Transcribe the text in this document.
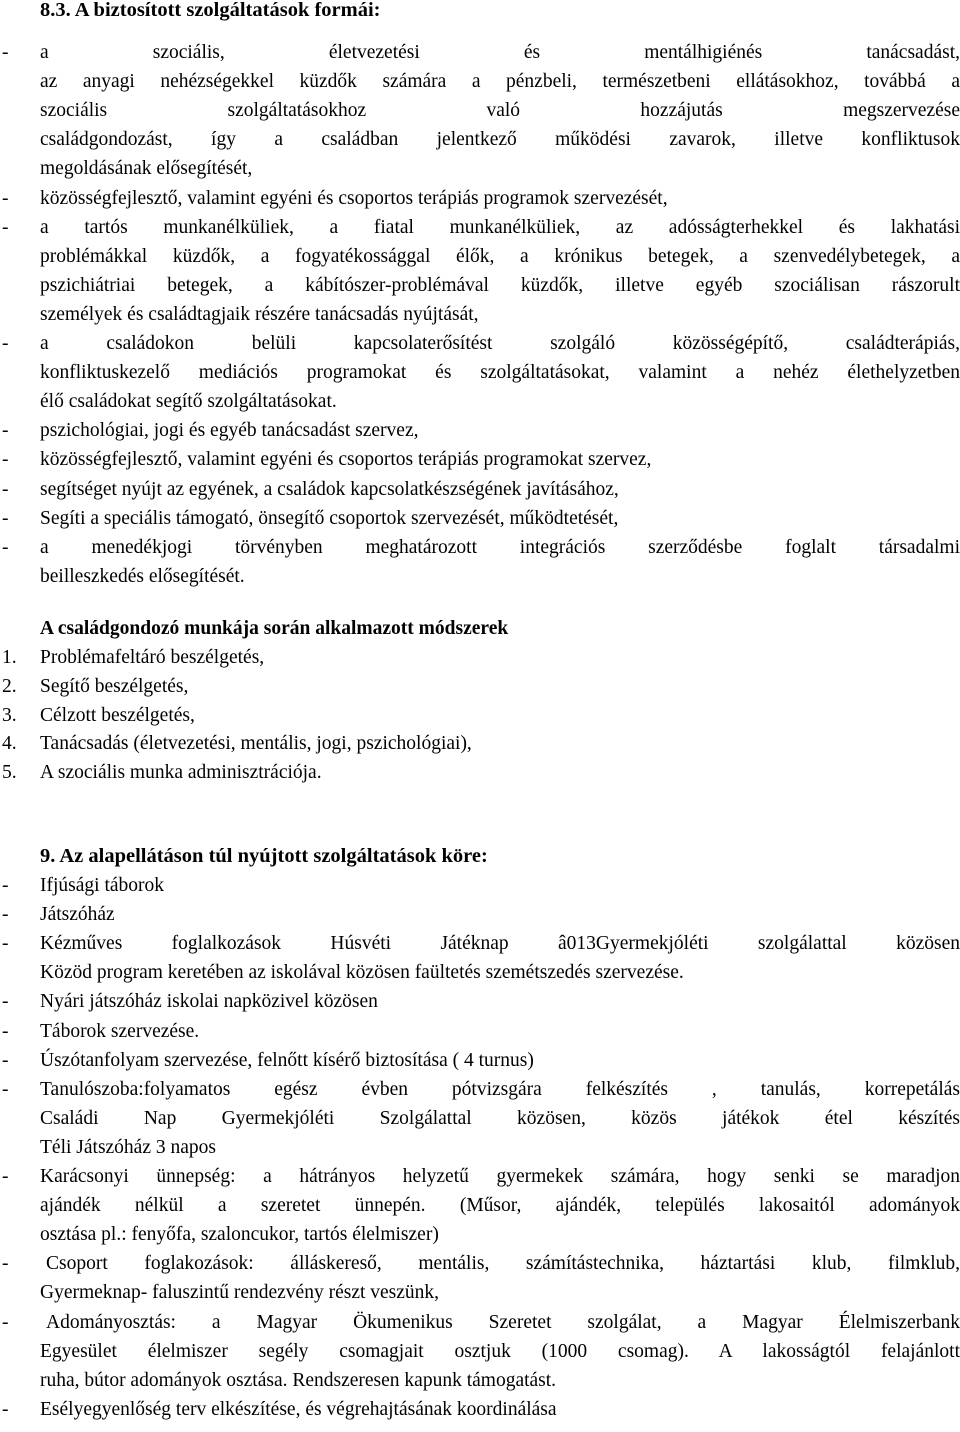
8.3. A biztosított szolgáltatások formái:
- a szociális, életvezetési és mentálhigiénés tanácsadást,
az anyagi nehézségekkel küzdők számára a pénzbeli, természetbeni ellátásokhoz, továbbá a
szociális szolgáltatásokhoz való hozzájutás megszervezése
családgondozást, így a családban jelentkező működési zavarok, illetve konfliktusok
megoldásának elősegítését,
- közösségfejlesztő, valamint egyéni és csoportos terápiás programok szervezését,
- a tartós munkanélküliek, a fiatal munkanélküliek, az adósságterhekkel és lakhatási
problémákkal küzdők, a fogyatékossággal élők, a krónikus betegek, a szenvedélybetegek, a
pszichiátriai betegek, a kábítószer-problémával küzdők, illetve egyéb szociálisan rászorult
személyek és családtagjaik részére tanácsadás nyújtását,
- a családokon belüli kapcsolaterősítést szolgáló közösségépítő, családterápiás,
konfliktuskezelő mediációs programokat és szolgáltatásokat, valamint a nehéz élethelyzetben
élő családokat segítő szolgáltatásokat.
- pszichológiai, jogi és egyéb tanácsadást szervez,
- közösségfejlesztő, valamint egyéni és csoportos terápiás programokat szervez,
- segítséget nyújt az egyének, a családok kapcsolatkészségének javításához,
- Segíti a speciális támogató, önsegítő csoportok szervezését, működtetését,
- a menedékjogi törvényben meghatározott integrációs szerződésbe foglalt társadalmi
beilleszkedés elősegítését.
A családgondozó munkája során alkalmazott módszerek
1. Problémafeltáró beszélgetés,
2. Segítő beszélgetés,
3. Célzott beszélgetés,
4. Tanácsadás (életvezetési, mentális, jogi, pszichológiai),
5. A szociális munka adminisztrációja.
9. Az alapellátáson túl nyújtott szolgáltatások köre:
- Ifjúsági táborok
- Játszóház
- Kézműves foglalkozások Húsvéti Játéknap â013Gyermekjóléti szolgálattal közösen
Közöd program keretében az iskolával közösen faültetés szemétszedés szervezése.
- Nyári játszóház iskolai napközivel közösen
- Táborok szervezése.
- Úszótanfolyam szervezése, felnőtt kísérő biztosítása ( 4 turnus)
- Tanulószoba:folyamatos egész évben pótvizsgára felkészítés , tanulás, korrepetálás
Családi Nap Gyermekjóléti Szolgálattal közösen, közös játékok étel készítés
Téli Játszóház 3 napos
- Karácsonyi ünnepség: a hátrányos helyzetű gyermekek számára, hogy senki se maradjon
ajándék nélkül a szeretet ünnepén. (Műsor, ajándék, település lakosaitól adományok
osztása pl.: fenyőfa, szaloncukor, tartós élelmiszer)
- Csoport foglakozások: álláskereső, mentális, számítástechnika, háztartási klub, filmklub,
Gyermeknap- faluszintű rendezvény részt veszünk,
- Adományosztás: a Magyar Ökumenikus Szeretet szolgálat, a Magyar Élelmiszerbank
Egyesület élelmiszer segély csomagjait osztjuk (1000 csomag). A lakosságtól felajánlott
ruha, bútor adományok osztása. Rendszeresen kapunk támogatást.
- Esélyegyenlőség terv elkészítése, és végrehajtásának koordinálása
